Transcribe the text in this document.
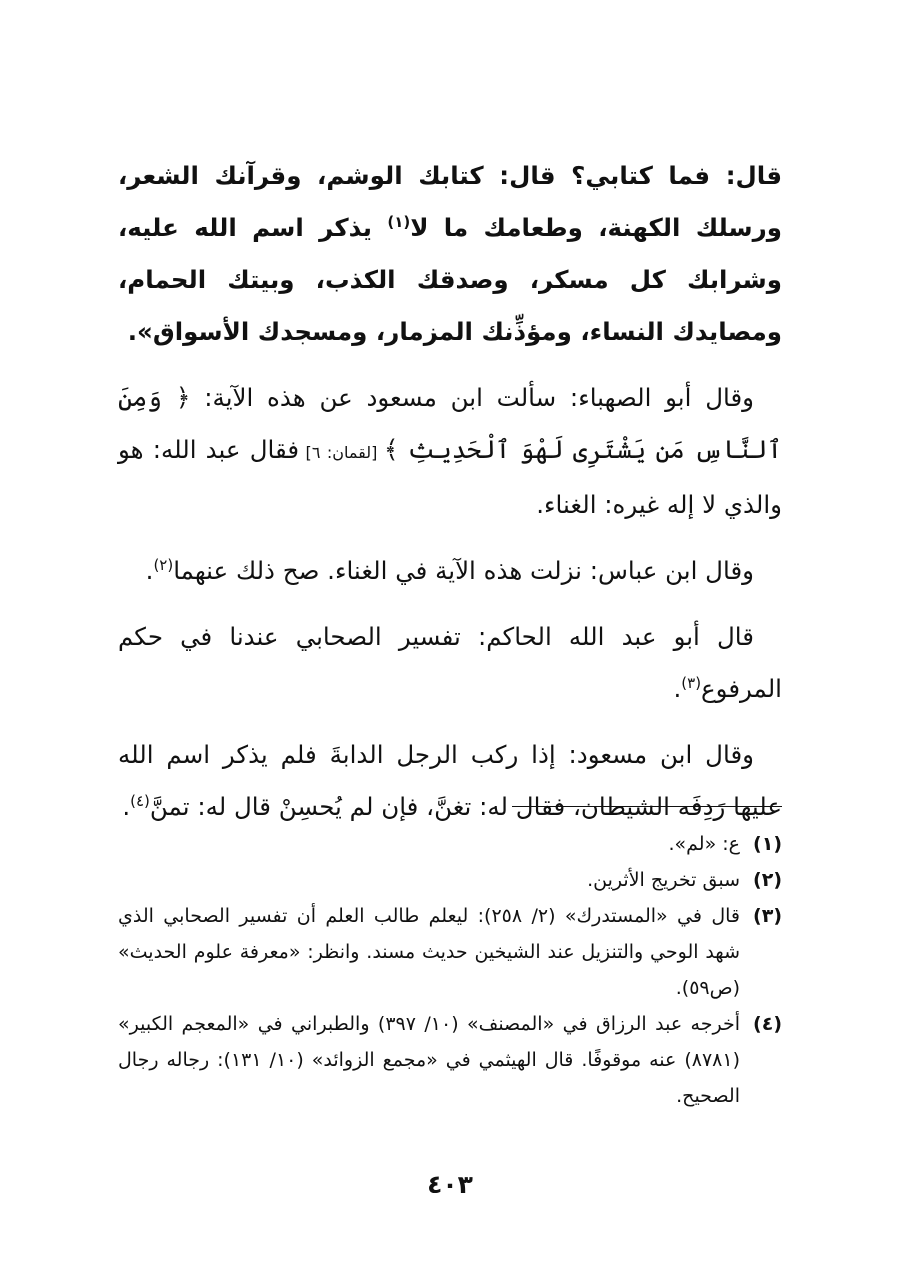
قال: فما كتابي؟ قال: كتابك الوشم، وقرآنك الشعر، ورسلك الكهنة، وطعامك ما لا$^{(١)}$ يذكر اسم الله عليه، وشرابك كل مسكر، وصدقك الكذب، وبيتك الحمام، ومصايدك النساء، ومؤذِّنك المزمار، ومسجدك الأسواق».

وقال أبو الصهباء: سألت ابن مسعود عن هذه الآية: ﴿ وَمِنَ ٱلنَّاسِ مَن يَشْتَرِى لَهْوَ ٱلْحَدِيثِ ﴾ [لقمان: ٦] فقال عبد الله: هو والذي لا إله غيره: الغناء.

وقال ابن عباس: نزلت هذه الآية في الغناء. صح ذلك عنهما$^{(٢)}$.

قال أبو عبد الله الحاكم: تفسير الصحابي عندنا في حكم المرفوع$^{(٣)}$.

وقال ابن مسعود: إذا ركب الرجل الدابةَ فلم يذكر اسم الله عليها رَدِفَه الشيطان، فقال له: تغنَّ، فإن لم يُحسِنْ قال له: تمنَّ$^{(٤)}$.

(١)
ع: «لم».
(٢)
سبق تخريج الأثرين.
(٣)
قال في «المستدرك» (٢/ ٢٥٨): ليعلم طالب العلم أن تفسير الصحابي الذي شهد الوحي والتنزيل عند الشيخين حديث مسند. وانظر: «معرفة علوم الحديث» (ص٥٩).
(٤)
أخرجه عبد الرزاق في «المصنف» (١٠/ ٣٩٧) والطبراني في «المعجم الكبير» (٨٧٨١) عنه موقوفًا. قال الهيثمي في «مجمع الزوائد» (١٠/ ١٣١): رجاله رجال الصحيح.
٤٠٣
